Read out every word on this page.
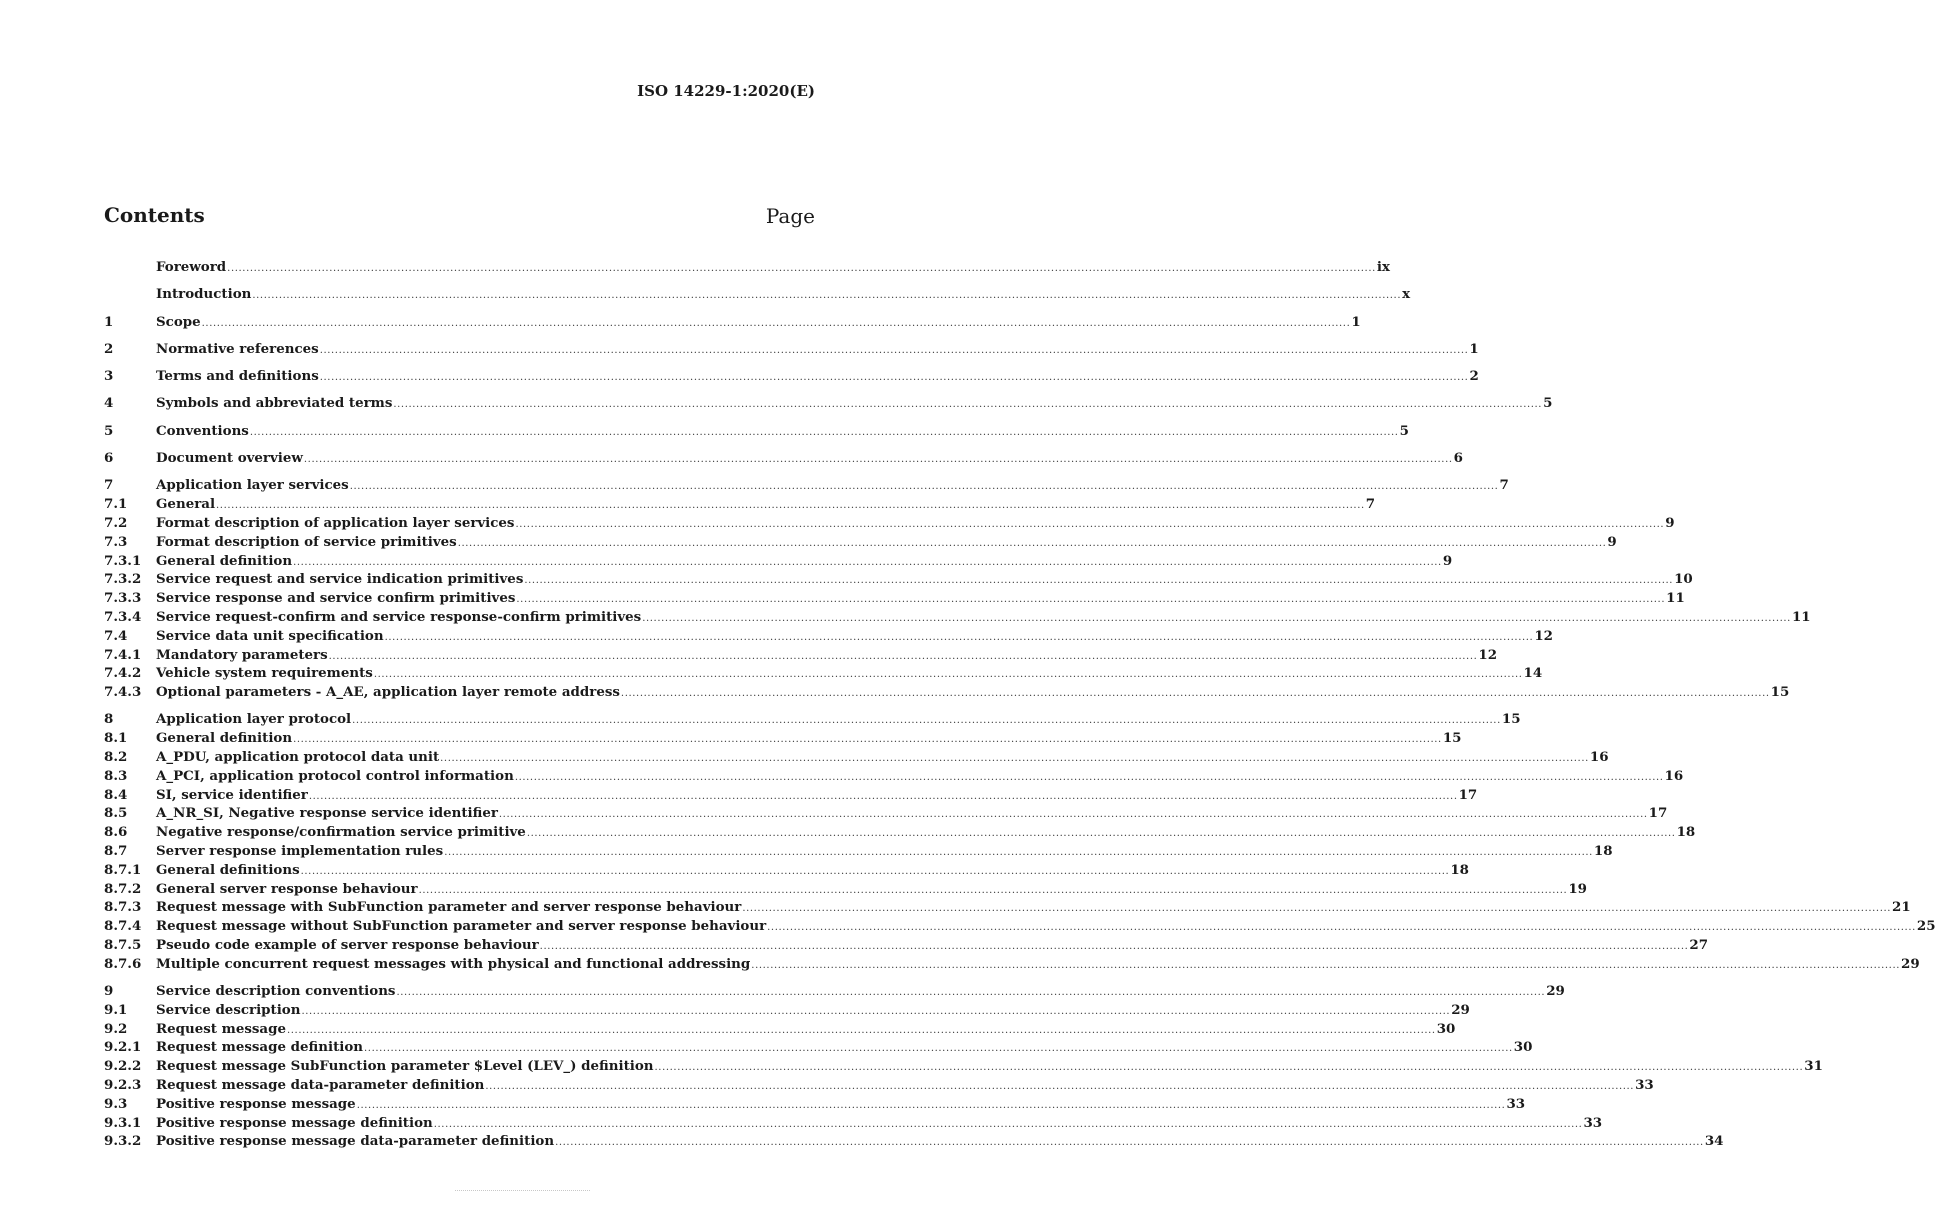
ISO 14229-1:2020(E)
Contents	Page
Foreword .....	ix
Introduction .....	x
1	Scope .....	1
2	Normative references .....	1
3	Terms and definitions .....	2
4	Symbols and abbreviated terms .....	5
5	Conventions .....	5
6	Document overview .....	6
7	Application layer services .....	7
7.1	General .....	7
7.2	Format description of application layer services .....	9
7.3	Format description of service primitives .....	9
7.3.1	General definition .....	9
7.3.2	Service request and service indication primitives .....	10
7.3.3	Service response and service confirm primitives .....	11
7.3.4	Service request-confirm and service response-confirm primitives .....	11
7.4	Service data unit specification .....	12
7.4.1	Mandatory parameters .....	12
7.4.2	Vehicle system requirements .....	14
7.4.3	Optional parameters - A_AE, application layer remote address .....	15
8	Application layer protocol .....	15
8.1	General definition .....	15
8.2	A_PDU, application protocol data unit .....	16
8.3	A_PCI, application protocol control information .....	16
8.4	SI, service identifier .....	17
8.5	A_NR_SI, Negative response service identifier .....	17
8.6	Negative response/confirmation service primitive .....	18
8.7	Server response implementation rules .....	18
8.7.1	General definitions .....	18
8.7.2	General server response behaviour .....	19
8.7.3	Request message with SubFunction parameter and server response behaviour .....	21
8.7.4	Request message without SubFunction parameter and server response behaviour .....	25
8.7.5	Pseudo code example of server response behaviour .....	27
8.7.6	Multiple concurrent request messages with physical and functional addressing .....	29
9	Service description conventions .....	29
9.1	Service description .....	29
9.2	Request message .....	30
9.2.1	Request message definition .....	30
9.2.2	Request message SubFunction parameter $Level (LEV_) definition .....	31
9.2.3	Request message data-parameter definition .....	33
9.3	Positive response message .....	33
9.3.1	Positive response message definition .....	33
9.3.2	Positive response message data-parameter definition .....	34
